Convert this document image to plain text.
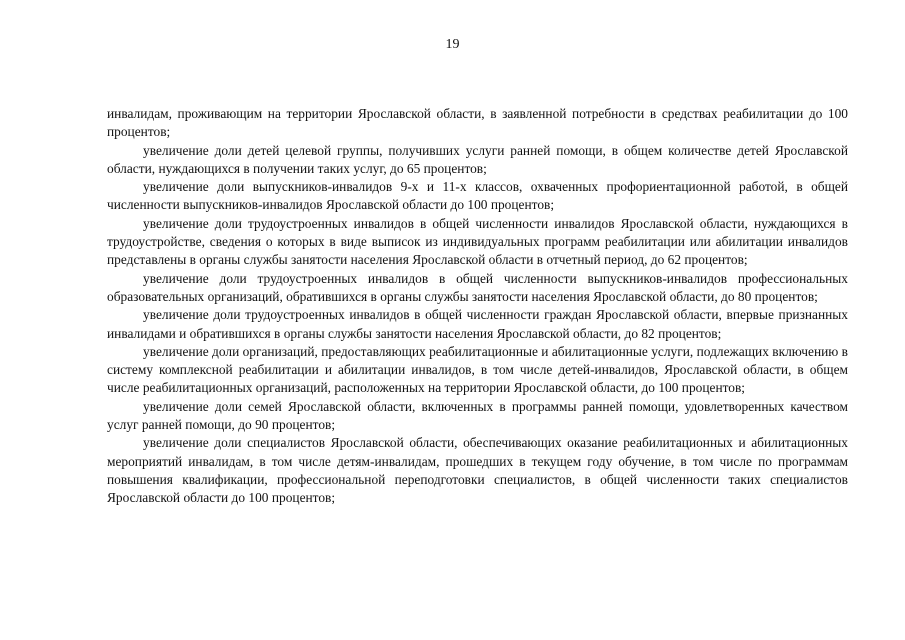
19

инвалидам, проживающим на территории Ярославской области, в заявленной потребности в средствах реабилитации до 100 процентов;

увеличение доли детей целевой группы, получивших услуги ранней помощи, в общем количестве детей Ярославской области, нуждающихся в получении таких услуг, до 65 процентов;

увеличение доли выпускников-инвалидов 9-х и 11-х классов, охваченных профориентационной работой, в общей численности выпускников-инвалидов Ярославской области до 100 процентов;

увеличение доли трудоустроенных инвалидов в общей численности инвалидов Ярославской области, нуждающихся в трудоустройстве, сведения о которых в виде выписок из индивидуальных программ реабилитации или абилитации инвалидов представлены в органы службы занятости населения Ярославской области в отчетный период, до 62 процентов;

увеличение доли трудоустроенных инвалидов в общей численности выпускников-инвалидов профессиональных образовательных организаций, обратившихся в органы службы занятости населения Ярославской области, до 80 процентов;

увеличение доли трудоустроенных инвалидов в общей численности граждан Ярославской области, впервые признанных инвалидами и обратившихся в органы службы занятости населения Ярославской области, до 82 процентов;

увеличение доли организаций, предоставляющих реабилитационные и абилитационные услуги, подлежащих включению в систему комплексной реабилитации и абилитации инвалидов, в том числе детей-инвалидов, Ярославской области, в общем числе реабилитационных организаций, расположенных на территории Ярославской области, до 100 процентов;

увеличение доли семей Ярославской области, включенных в программы ранней помощи, удовлетворенных качеством услуг ранней помощи, до 90 процентов;

увеличение доли специалистов Ярославской области, обеспечивающих оказание реабилитационных и абилитационных мероприятий инвалидам, в том числе детям-инвалидам, прошедших в текущем году обучение, в том числе по программам повышения квалификации, профессиональной переподготовки специалистов, в общей численности таких специалистов Ярославской области до 100 процентов;
